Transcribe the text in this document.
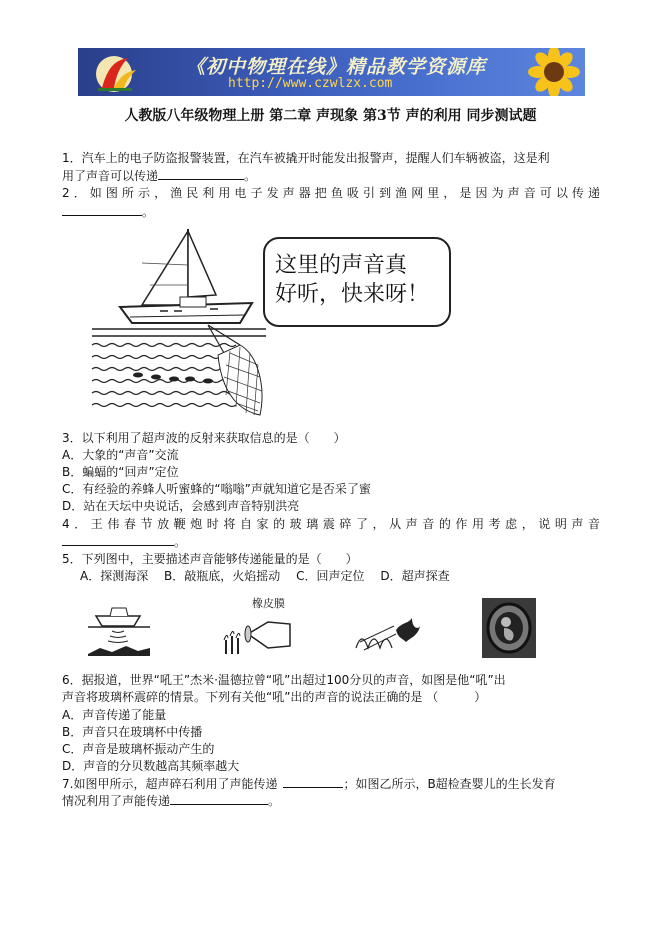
《初中物理在线》精品教学资源库
http://www.czwlzx.com
人教版八年级物理上册 第二章 声现象 第3节 声的利用 同步测试题
1．汽车上的电子防盗报警装置，在汽车被撬开时能发出报警声，提醒人们车辆被盗，这是利
用了声音可以传递	。
2．如图所示，渔民利用电子发声器把鱼吸引到渔网里，是因为声音可以传递
。
这里的声音真
好听，快来呀！
3．以下利用了超声波的反射来获取信息的是（　　）
A．大象的“声音”交流
B．蝙蝠的“回声”定位
C．有经验的养蜂人听蜜蜂的“嗡嗡”声就知道它是否采了蜜
D．站在天坛中央说话，会感到声音特别洪亮
4．王伟春节放鞭炮时将自家的玻璃震碎了，从声音的作用考虑，说明声音
。
5．下列图中，主要描述声音能够传递能量的是（　　）
A．探测海深 B．敲瓶底，火焰摇动 C．回声定位 D．超声探查
橡皮膜
6．据报道，世界“吼王”杰米·温德拉曾“吼”出超过100分贝的声音，如图是他“吼”出
声音将玻璃杯震碎的情景。下列有关他“吼”出的声音的说法正确的是 （　　　）
A．声音传递了能量
B．声音只在玻璃杯中传播
C．声音是玻璃杯振动产生的
D．声音的分贝数越高其频率越大
7.如图甲所示，超声碎石利用了声能传递	；如图乙所示，B超检查婴儿的生长发育
情况利用了声能传递	。
